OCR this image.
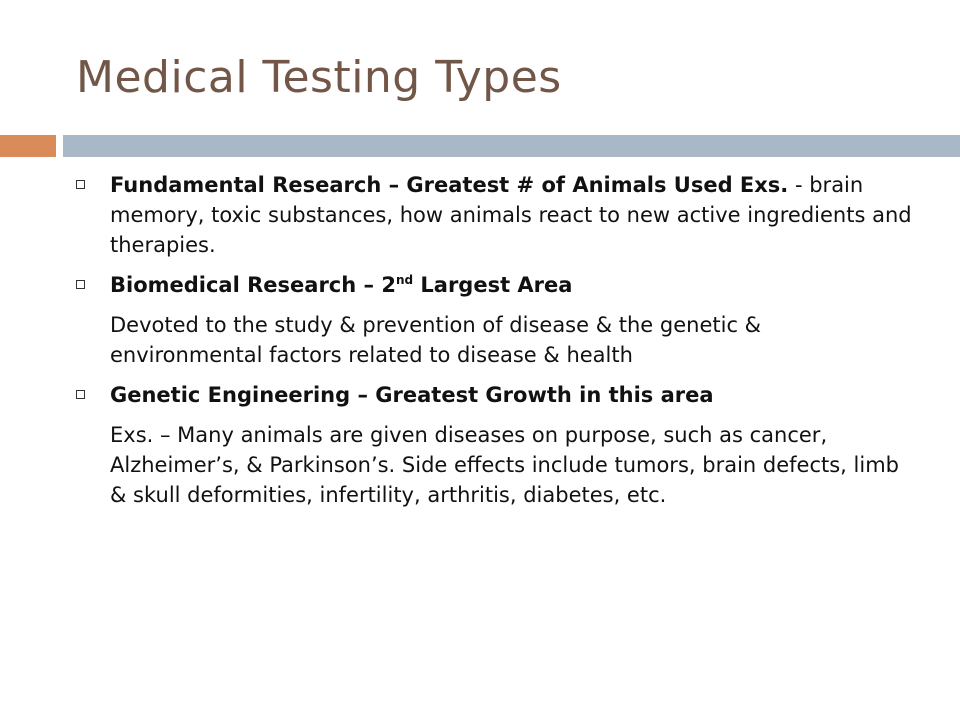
Medical Testing Types
Fundamental Research – Greatest # of Animals Used Exs. - brain memory, toxic substances, how animals react to new active ingredients and therapies.
Biomedical Research – 2nd Largest Area
Devoted to the study & prevention of disease & the genetic & environmental factors related to disease & health
Genetic Engineering – Greatest Growth in this area
Exs. – Many animals are given diseases on purpose, such as cancer, Alzheimer’s, & Parkinson’s. Side effects include tumors, brain defects, limb & skull deformities, infertility, arthritis, diabetes, etc.
